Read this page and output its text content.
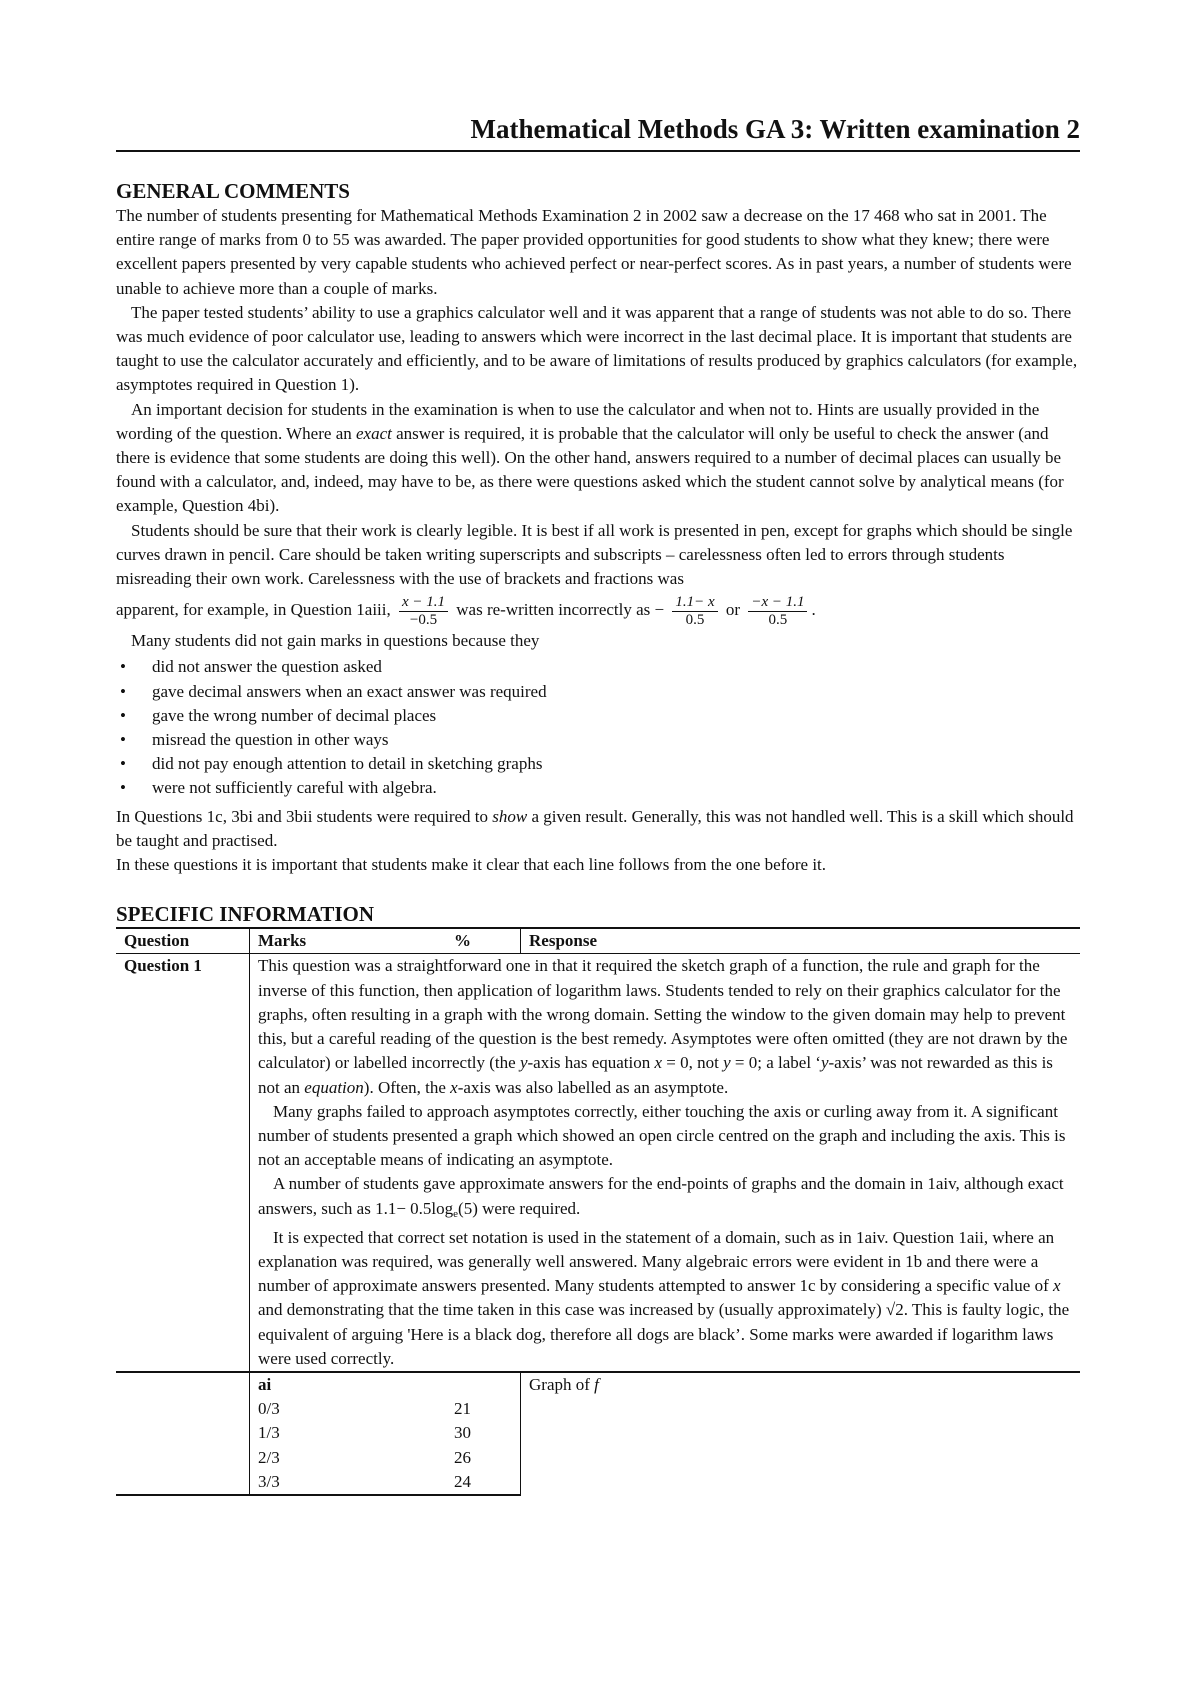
Mathematical Methods GA 3: Written examination 2
GENERAL COMMENTS

The number of students presenting for Mathematical Methods Examination 2 in 2002 saw a decrease on the 17 468 who sat in 2001. The entire range of marks from 0 to 55 was awarded. The paper provided opportunities for good students to show what they knew; there were excellent papers presented by very capable students who achieved perfect or near-perfect scores. As in past years, a number of students were unable to achieve more than a couple of marks.

The paper tested students’ ability to use a graphics calculator well and it was apparent that a range of students was not able to do so. There was much evidence of poor calculator use, leading to answers which were incorrect in the last decimal place. It is important that students are taught to use the calculator accurately and efficiently, and to be aware of limitations of results produced by graphics calculators (for example, asymptotes required in Question 1).

An important decision for students in the examination is when to use the calculator and when not to. Hints are usually provided in the wording of the question. Where an exact answer is required, it is probable that the calculator will only be useful to check the answer (and there is evidence that some students are doing this well). On the other hand, answers required to a number of decimal places can usually be found with a calculator, and, indeed, may have to be, as there were questions asked which the student cannot solve by analytical means (for example, Question 4bi).

Students should be sure that their work is clearly legible. It is best if all work is presented in pen, except for graphs which should be single curves drawn in pencil. Care should be taken writing superscripts and subscripts – carelessness often led to errors through students misreading their own work. Carelessness with the use of brackets and fractions was

apparent, for example, in Question 1aiii, $\frac{x - 1.1}{-0.5}$ was re-written incorrectly as − $\frac{1.1- x}{0.5}$ or $\frac{-x - 1.1}{0.5}$ .

Many students did not gain marks in questions because they

• did not answer the question asked
• gave decimal answers when an exact answer was required
• gave the wrong number of decimal places
• misread the question in other ways
• did not pay enough attention to detail in sketching graphs
• were not sufficiently careful with algebra.

In Questions 1c, 3bi and 3bii students were required to show a given result. Generally, this was not handled well. This is a skill which should be taught and practised.

In these questions it is important that students make it clear that each line follows from the one before it.

SPECIFIC INFORMATION
Question	Marks	%	Response
Question 1	This question was a straightforward one in that it required the sketch graph of a function, the rule and graph for the inverse of this function, then application of logarithm laws. Students tended to rely on their graphics calculator for the graphs, often resulting in a graph with the wrong domain. Setting the window to the given domain may help to prevent this, but a careful reading of the question is the best remedy. Asymptotes were often omitted (they are not drawn by the calculator) or labelled incorrectly (the y-axis has equation x = 0, not y = 0; a label ‘y-axis’ was not rewarded as this is not an equation). Often, the x-axis was also labelled as an asymptote.
Many graphs failed to approach asymptotes correctly, either touching the axis or curling away from it. A significant number of students presented a graph which showed an open circle centred on the graph and including the axis. This is not an acceptable means of indicating an asymptote.
A number of students gave approximate answers for the end-points of graphs and the domain in 1aiv, although exact answers, such as $1.1- 0.5\log_e(5)$ were required.
It is expected that correct set notation is used in the statement of a domain, such as in 1aiv. Question 1aii, where an explanation was required, was generally well answered. Many algebraic errors were evident in 1b and there were a number of approximate answers presented. Many students attempted to answer 1c by considering a specific value of x and demonstrating that the time taken in this case was increased by (usually approximately) √2. This is faulty logic, the equivalent of arguing 'Here is a black dog, therefore all dogs are black’. Some marks were awarded if logarithm laws were used correctly.		

	ai		Graph of f
	0/3	21	
	1/3	30	
	2/3	26	
	3/3	24	
